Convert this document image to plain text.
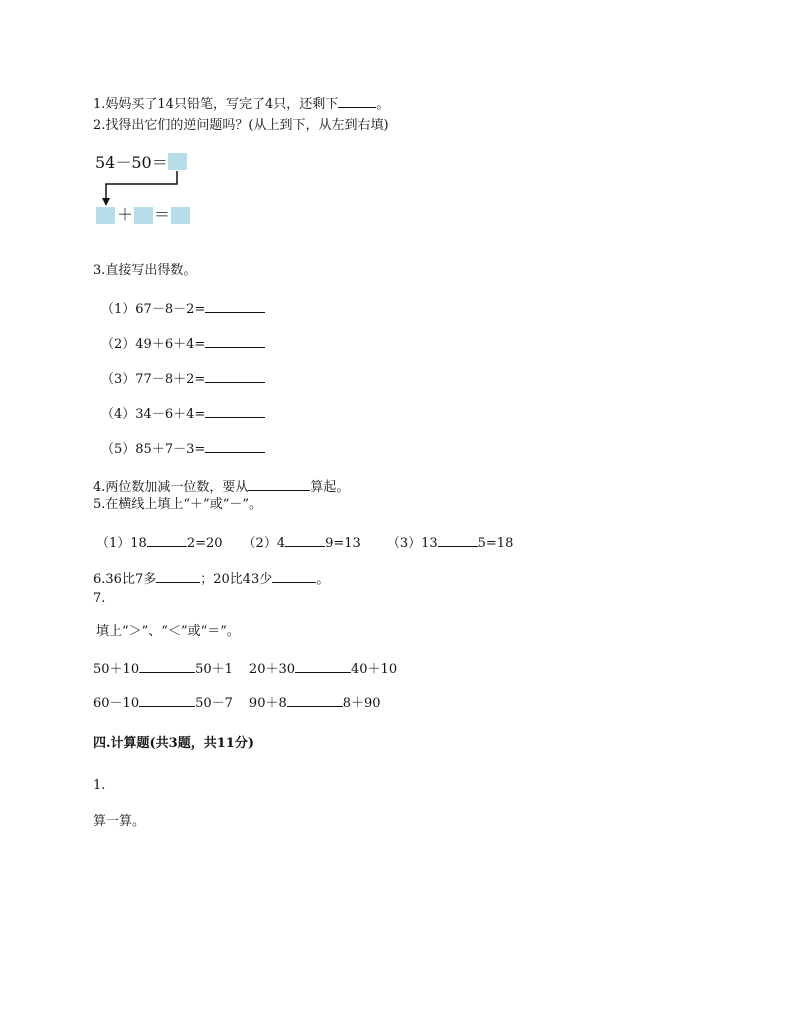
1.妈妈买了14只铅笔，写完了4只，还剩下	。
2.找得出它们的逆问题吗？(从上到下，从左到右填)
54－50＝
＋ ＝
3.直接写出得数。
（1）67－8－2=
（2）49＋6＋4=
（3）77－8＋2=
（4）34－6＋4=
（5）85＋7－3=
4.两位数加减一位数，要从	算起。
5.在横线上填上“＋”或“－”。
（1）18	2=20 （2）4	9=13 （3）13	5=18
6.36比7多	；20比43少	。
7.
填上“＞”、“＜”或“＝”。
50＋10	50＋1 20＋30	40＋10
60－10	50－7 90＋8	8＋90
四.计算题(共3题，共11分)
1.
算一算。
